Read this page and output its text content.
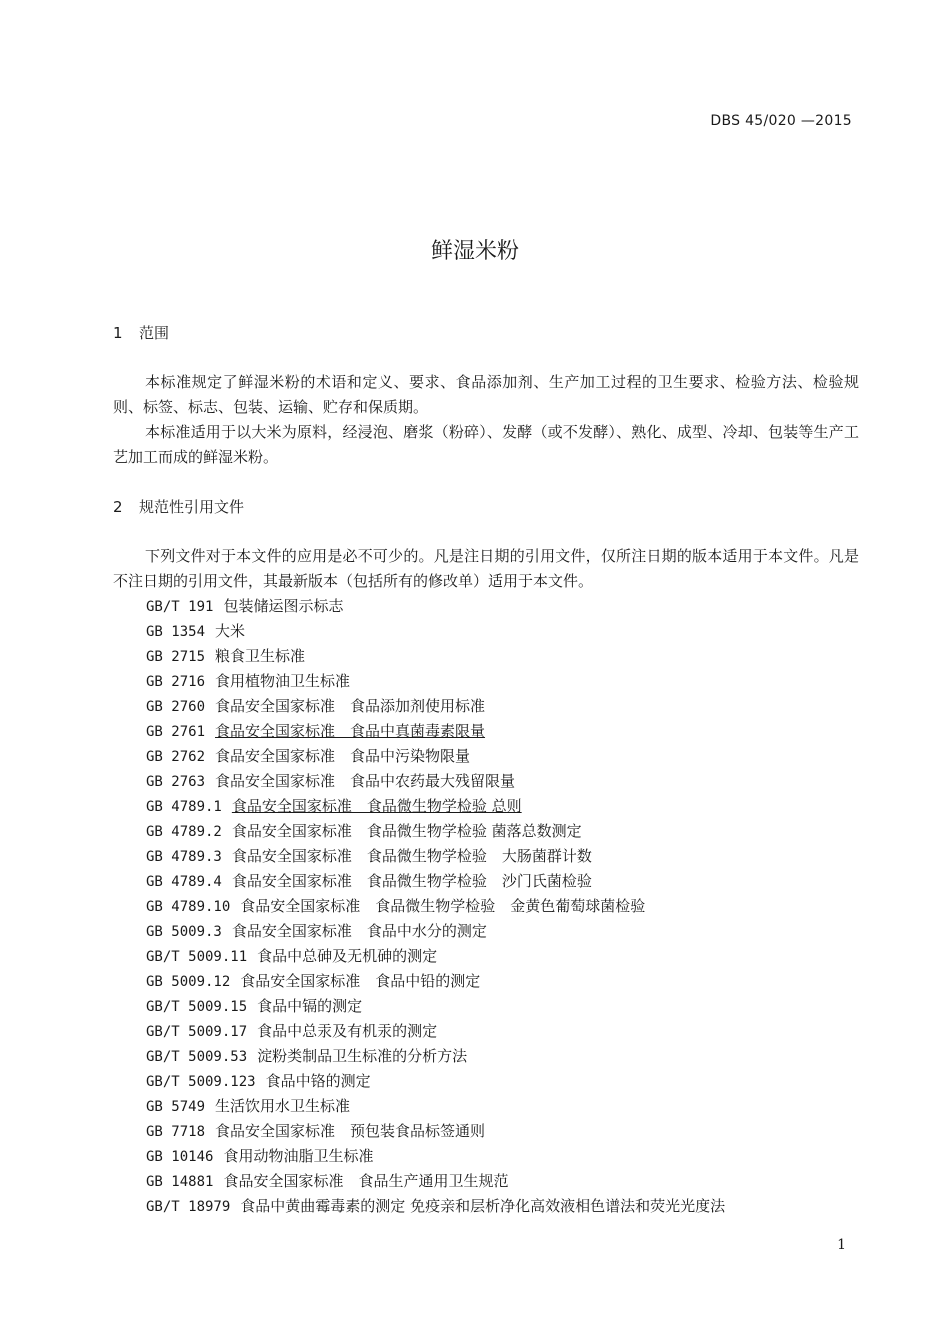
DBS 45/020 —2015
鲜湿米粉
1 范围

本标准规定了鲜湿米粉的术语和定义、要求、食品添加剂、生产加工过程的卫生要求、检验方法、检验规则、标签、标志、包装、运输、贮存和保质期。

本标准适用于以大米为原料，经浸泡、磨浆（粉碎）、发酵（或不发酵）、熟化、成型、冷却、包装等生产工艺加工而成的鲜湿米粉。

2 规范性引用文件

下列文件对于本文件的应用是必不可少的。凡是注日期的引用文件，仅所注日期的版本适用于本文件。凡是不注日期的引用文件，其最新版本（包括所有的修改单）适用于本文件。

GB/T 191 包装储运图示标志
GB 1354 大米
GB 2715 粮食卫生标准
GB 2716 食用植物油卫生标准
GB 2760 食品安全国家标准　食品添加剂使用标准
GB 2761 食品安全国家标准　食品中真菌毒素限量
GB 2762 食品安全国家标准　食品中污染物限量
GB 2763 食品安全国家标准　食品中农药最大残留限量
GB 4789.1 食品安全国家标准　食品微生物学检验 总则
GB 4789.2 食品安全国家标准　食品微生物学检验 菌落总数测定
GB 4789.3 食品安全国家标准　食品微生物学检验　大肠菌群计数
GB 4789.4 食品安全国家标准　食品微生物学检验　沙门氏菌检验
GB 4789.10 食品安全国家标准　食品微生物学检验　金黄色葡萄球菌检验
GB 5009.3 食品安全国家标准　食品中水分的测定
GB/T 5009.11 食品中总砷及无机砷的测定
GB 5009.12 食品安全国家标准　食品中铅的测定
GB/T 5009.15 食品中镉的测定
GB/T 5009.17 食品中总汞及有机汞的测定
GB/T 5009.53 淀粉类制品卫生标准的分析方法
GB/T 5009.123 食品中铬的测定
GB 5749 生活饮用水卫生标准
GB 7718 食品安全国家标准　预包装食品标签通则
GB 10146 食用动物油脂卫生标准
GB 14881 食品安全国家标准　食品生产通用卫生规范
GB/T 18979 食品中黄曲霉毒素的测定 免疫亲和层析净化高效液相色谱法和荧光光度法
1
